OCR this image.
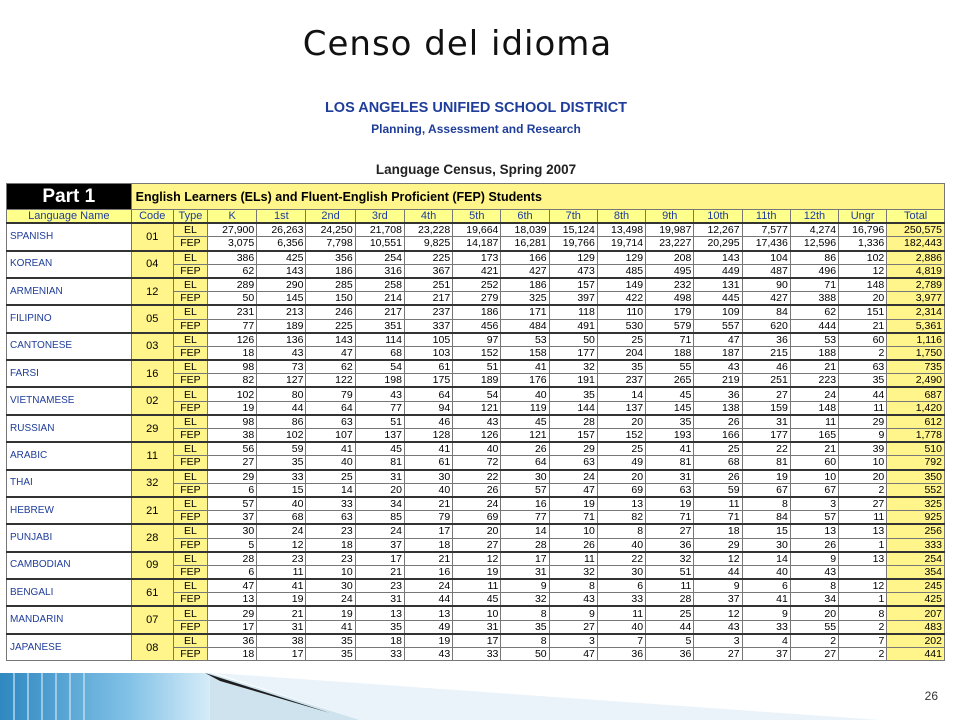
Censo del idioma
LOS ANGELES UNIFIED SCHOOL DISTRICT
Planning, Assessment and Research
Language Census, Spring 2007
Part 1	English Learners (ELs) and Fluent-English Proficient (FEP) Students																
Language Name	Code	Type	K	1st	2nd	3rd	4th	5th	6th	7th	8th	9th	10th	11th	12th	Ungr	Total
SPANISH	01	EL	27,900	26,263	24,250	21,708	23,228	19,664	18,039	15,124	13,498	19,987	12,267	7,577	4,274	16,796	250,575
		FEP	3,075	6,356	7,798	10,551	9,825	14,187	16,281	19,766	19,714	23,227	20,295	17,436	12,596	1,336	182,443
KOREAN	04	EL	386	425	356	254	225	173	166	129	129	208	143	104	86	102	2,886
		FEP	62	143	186	316	367	421	427	473	485	495	449	487	496	12	4,819
ARMENIAN	12	EL	289	290	285	258	251	252	186	157	149	232	131	90	71	148	2,789
		FEP	50	145	150	214	217	279	325	397	422	498	445	427	388	20	3,977
FILIPINO	05	EL	231	213	246	217	237	186	171	118	110	179	109	84	62	151	2,314
		FEP	77	189	225	351	337	456	484	491	530	579	557	620	444	21	5,361
CANTONESE	03	EL	126	136	143	114	105	97	53	50	25	71	47	36	53	60	1,116
		FEP	18	43	47	68	103	152	158	177	204	188	187	215	188	2	1,750
FARSI	16	EL	98	73	62	54	61	51	41	32	35	55	43	46	21	63	735
		FEP	82	127	122	198	175	189	176	191	237	265	219	251	223	35	2,490
VIETNAMESE	02	EL	102	80	79	43	64	54	40	35	14	45	36	27	24	44	687
		FEP	19	44	64	77	94	121	119	144	137	145	138	159	148	11	1,420
RUSSIAN	29	EL	98	86	63	51	46	43	45	28	20	35	26	31	11	29	612
		FEP	38	102	107	137	128	126	121	157	152	193	166	177	165	9	1,778
ARABIC	11	EL	56	59	41	45	41	40	26	29	25	41	25	22	21	39	510
		FEP	27	35	40	81	61	72	64	63	49	81	68	81	60	10	792
THAI	32	EL	29	33	25	31	30	22	30	24	20	31	26	19	10	20	350
		FEP	6	15	14	20	40	26	57	47	69	63	59	67	67	2	552
HEBREW	21	EL	57	40	33	34	21	24	16	19	13	19	11	8	3	27	325
		FEP	37	68	63	85	79	69	77	71	82	71	71	84	57	11	925
PUNJABI	28	EL	30	24	23	24	17	20	14	10	8	27	18	15	13	13	256
		FEP	5	12	18	37	18	27	28	26	40	36	29	30	26	1	333
CAMBODIAN	09	EL	28	23	23	17	21	12	17	11	22	32	12	14	9	13	254
		FEP	6	11	10	21	16	19	31	32	30	51	44	40	43		354
BENGALI	61	EL	47	41	30	23	24	11	9	8	6	11	9	6	8	12	245
		FEP	13	19	24	31	44	45	32	43	33	28	37	41	34	1	425
MANDARIN	07	EL	29	21	19	13	13	10	8	9	11	25	12	9	20	8	207
		FEP	17	31	41	35	49	31	35	27	40	44	43	33	55	2	483
JAPANESE	08	EL	36	38	35	18	19	17	8	3	7	5	3	4	2	7	202
		FEP	18	17	35	33	43	33	50	47	36	36	27	37	27	2	441
26
